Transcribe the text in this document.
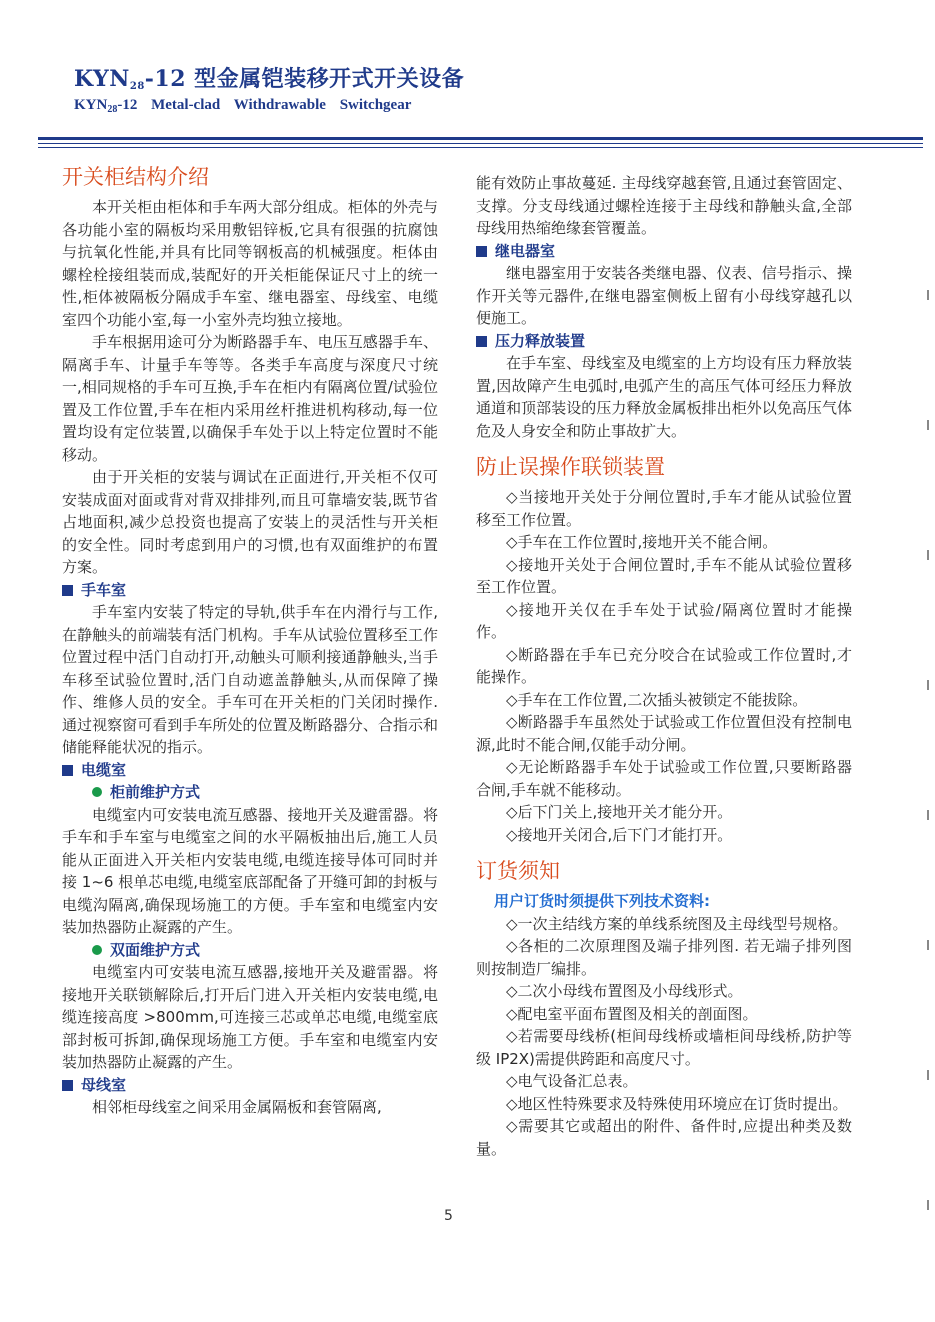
$KYN_{28}-12$ 型金属铠装移开式开关设备
$KYN_{28}-12$ Metal-clad Withdrawable Switchgear
开关柜结构介绍

本开关柜由柜体和手车两大部分组成。柜体的外壳与各功能小室的隔板均采用敷铝锌板,它具有很强的抗腐蚀与抗氧化性能,并具有比同等钢板高的机械强度。柜体由螺栓栓接组装而成,装配好的开关柜能保证尺寸上的统一性,柜体被隔板分隔成手车室、继电器室、母线室、电缆室四个功能小室,每一小室外壳均独立接地。

手车根据用途可分为断路器手车、电压互感器手车、隔离手车、计量手车等等。各类手车高度与深度尺寸统一,相同规格的手车可互换,手车在柜内有隔离位置/试验位置及工作位置,手车在柜内采用丝杆推进机构移动,每一位置均设有定位装置,以确保手车处于以上特定位置时不能移动。

由于开关柜的安装与调试在正面进行,开关柜不仅可安装成面对面或背对背双排排列,而且可靠墙安装,既节省占地面积,减少总投资也提高了安装上的灵活性与开关柜的安全性。同时考虑到用户的习惯,也有双面维护的布置方案。

手车室

手车室内安装了特定的导轨,供手车在内滑行与工作,在静触头的前端装有活门机构。手车从试验位置移至工作位置过程中活门自动打开,动触头可顺利接通静触头,当手车移至试验位置时,活门自动遮盖静触头,从而保障了操作、维修人员的安全。手车可在开关柜的门关闭时操作. 通过视察窗可看到手车所处的位置及断路器分、合指示和储能释能状况的指示。

电缆室
柜前维护方式

电缆室内可安装电流互感器、接地开关及避雷器。将手车和手车室与电缆室之间的水平隔板抽出后,施工人员能从正面进入开关柜内安装电缆,电缆连接导体可同时并接 1~6 根单芯电缆,电缆室底部配备了开缝可卸的封板与电缆沟隔离,确保现场施工的方便。手车室和电缆室内安装加热器防止凝露的产生。

双面维护方式

电缆室内可安装电流互感器,接地开关及避雷器。将接地开关联锁解除后,打开后门进入开关柜内安装电缆,电缆连接高度 >800mm,可连接三芯或单芯电缆,电缆室底部封板可拆卸,确保现场施工方便。手车室和电缆室内安装加热器防止凝露的产生。

母线室

相邻柜母线室之间采用金属隔板和套管隔离,

能有效防止事故蔓延. 主母线穿越套管,且通过套管固定、支撑。分支母线通过螺栓连接于主母线和静触头盒,全部母线用热缩绝缘套管覆盖。

继电器室

继电器室用于安装各类继电器、仪表、信号指示、操作开关等元器件,在继电器室侧板上留有小母线穿越孔以便施工。

压力释放装置

在手车室、母线室及电缆室的上方均设有压力释放装置,因故障产生电弧时,电弧产生的高压气体可经压力释放通道和顶部装设的压力释放金属板排出柜外以免高压气体危及人身安全和防止事故扩大。

防止误操作联锁装置

◇当接地开关处于分闸位置时,手车才能从试验位置移至工作位置。

◇手车在工作位置时,接地开关不能合闸。

◇接地开关处于合闸位置时,手车不能从试验位置移至工作位置。

◇接地开关仅在手车处于试验/隔离位置时才能操作。

◇断路器在手车已充分咬合在试验或工作位置时,才能操作。

◇手车在工作位置,二次插头被锁定不能拔除。

◇断路器手车虽然处于试验或工作位置但没有控制电源,此时不能合闸,仅能手动分闸。

◇无论断路器手车处于试验或工作位置,只要断路器合闸,手车就不能移动。

◇后下门关上,接地开关才能分开。

◇接地开关闭合,后下门才能打开。

订货须知
用户订货时须提供下列技术资料:

◇一次主结线方案的单线系统图及主母线型号规格。

◇各柜的二次原理图及端子排列图. 若无端子排列图则按制造厂编排。

◇二次小母线布置图及小母线形式。

◇配电室平面布置图及相关的剖面图。

◇若需要母线桥(柜间母线桥或墙柜间母线桥,防护等级 IP2X)需提供跨距和高度尺寸。

◇电气设备汇总表。

◇地区性特殊要求及特殊使用环境应在订货时提出。

◇需要其它或超出的附件、备件时,应提出种类及数量。

5
